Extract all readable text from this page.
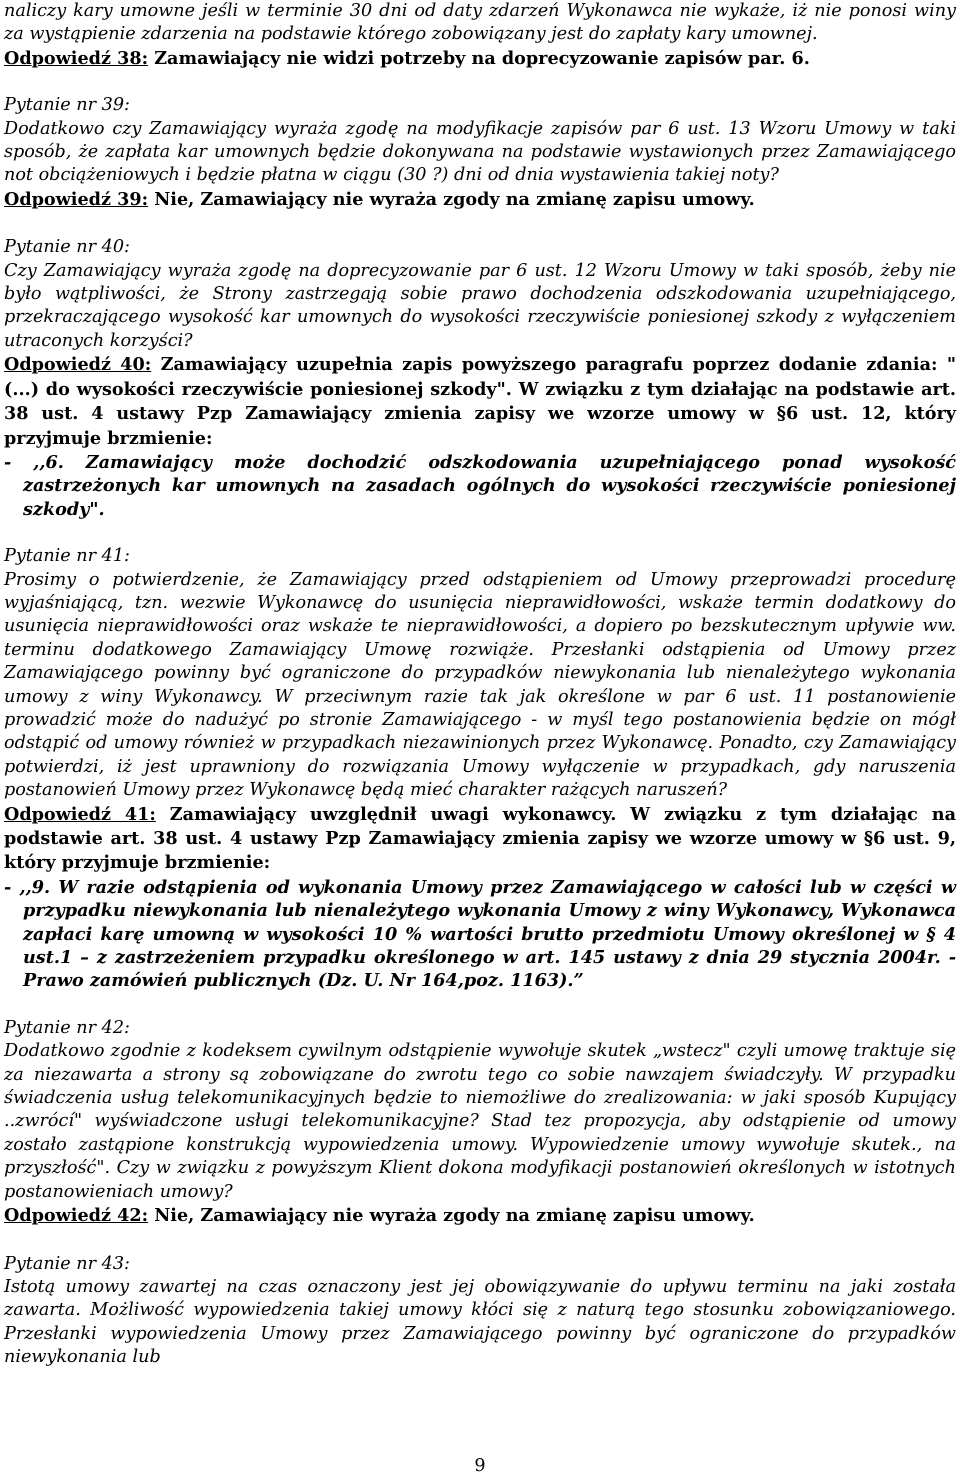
naliczy kary umowne jeśli w terminie 30 dni od daty zdarzeń Wykonawca nie wykaże, iż nie ponosi winy za wystąpienie zdarzenia na podstawie którego zobowiązany jest do zapłaty kary umownej.

Odpowiedź 38: Zamawiający nie widzi potrzeby na doprecyzowanie zapisów par. 6.

Pytanie nr 39:

Dodatkowo czy Zamawiający wyraża zgodę na modyfikacje zapisów par 6 ust. 13 Wzoru Umowy w taki sposób, że zapłata kar umownych będzie dokonywana na podstawie wystawionych przez Zamawiającego not obciążeniowych i będzie płatna w ciągu (30 ?) dni od dnia wystawienia takiej noty?

Odpowiedź 39: Nie, Zamawiający nie wyraża zgody na zmianę zapisu umowy.

Pytanie nr 40:

Czy Zamawiający wyraża zgodę na doprecyzowanie par 6 ust. 12 Wzoru Umowy w taki sposób, żeby nie było wątpliwości, że Strony zastrzegają sobie prawo dochodzenia odszkodowania uzupełniającego, przekraczającego wysokość kar umownych do wysokości rzeczywiście poniesionej szkody z wyłączeniem utraconych korzyści?

Odpowiedź 40: Zamawiający uzupełnia zapis powyższego paragrafu poprzez dodanie zdania: "(...) do wysokości rzeczywiście poniesionej szkody". W związku z tym działając na podstawie art. 38 ust. 4 ustawy Pzp Zamawiający zmienia zapisy we wzorze umowy w §6 ust. 12, który przyjmuje brzmienie:

- ,,6. Zamawiający może dochodzić odszkodowania uzupełniającego ponad wysokość zastrzeżonych kar umownych na zasadach ogólnych do wysokości rzeczywiście poniesionej szkody".

Pytanie nr 41:

Prosimy o potwierdzenie, że Zamawiający przed odstąpieniem od Umowy przeprowadzi procedurę wyjaśniającą, tzn. wezwie Wykonawcę do usunięcia nieprawidłowości, wskaże termin dodatkowy do usunięcia nieprawidłowości oraz wskaże te nieprawidłowości, a dopiero po bezskutecznym upływie ww. terminu dodatkowego Zamawiający Umowę rozwiąże. Przesłanki odstąpienia od Umowy przez Zamawiającego powinny być ograniczone do przypadków niewykonania lub nienależytego wykonania umowy z winy Wykonawcy. W przeciwnym razie tak jak określone w par 6 ust. 11 postanowienie prowadzić może do nadużyć po stronie Zamawiającego - w myśl tego postanowienia będzie on mógł odstąpić od umowy również w przypadkach niezawinionych przez Wykonawcę. Ponadto, czy Zamawiający potwierdzi, iż jest uprawniony do rozwiązania Umowy wyłączenie w przypadkach, gdy naruszenia postanowień Umowy przez Wykonawcę będą mieć charakter rażących naruszeń?

Odpowiedź 41: Zamawiający uwzględnił uwagi wykonawcy. W związku z tym działając na podstawie art. 38 ust. 4 ustawy Pzp Zamawiający zmienia zapisy we wzorze umowy w §6 ust. 9, który przyjmuje brzmienie:

- ,,9. W razie odstąpienia od wykonania Umowy przez Zamawiającego w całości lub w części w przypadku niewykonania lub nienależytego wykonania Umowy z winy Wykonawcy, Wykonawca zapłaci karę umowną w wysokości 10 % wartości brutto przedmiotu Umowy określonej w § 4 ust.1 – z zastrzeżeniem przypadku określonego w art. 145 ustawy z dnia 29 stycznia 2004r. - Prawo zamówień publicznych (Dz. U. Nr 164,poz. 1163).”

Pytanie nr 42:

Dodatkowo zgodnie z kodeksem cywilnym odstąpienie wywołuje skutek „wstecz" czyli umowę traktuje się za niezawarta a strony są zobowiązane do zwrotu tego co sobie nawzajem świadczyły. W przypadku świadczenia usług telekomunikacyjnych będzie to niemożliwe do zrealizowania: w jaki sposób Kupujący ..zwrócí" wyświadczone usługi telekomunikacyjne? Stad tez propozycja, aby odstąpienie od umowy zostało zastąpione konstrukcją wypowiedzenia umowy. Wypowiedzenie umowy wywołuje skutek., na przyszłość". Czy w związku z powyższym Klient dokona modyfikacji postanowień określonych w istotnych postanowieniach umowy?

Odpowiedź 42: Nie, Zamawiający nie wyraża zgody na zmianę zapisu umowy.

Pytanie nr 43:

Istotą umowy zawartej na czas oznaczony jest jej obowiązywanie do upływu terminu na jaki została zawarta. Możliwość wypowiedzenia takiej umowy kłóci się z naturą tego stosunku zobowiązaniowego. Przesłanki wypowiedzenia Umowy przez Zamawiającego powinny być ograniczone do przypadków niewykonania lub

9
